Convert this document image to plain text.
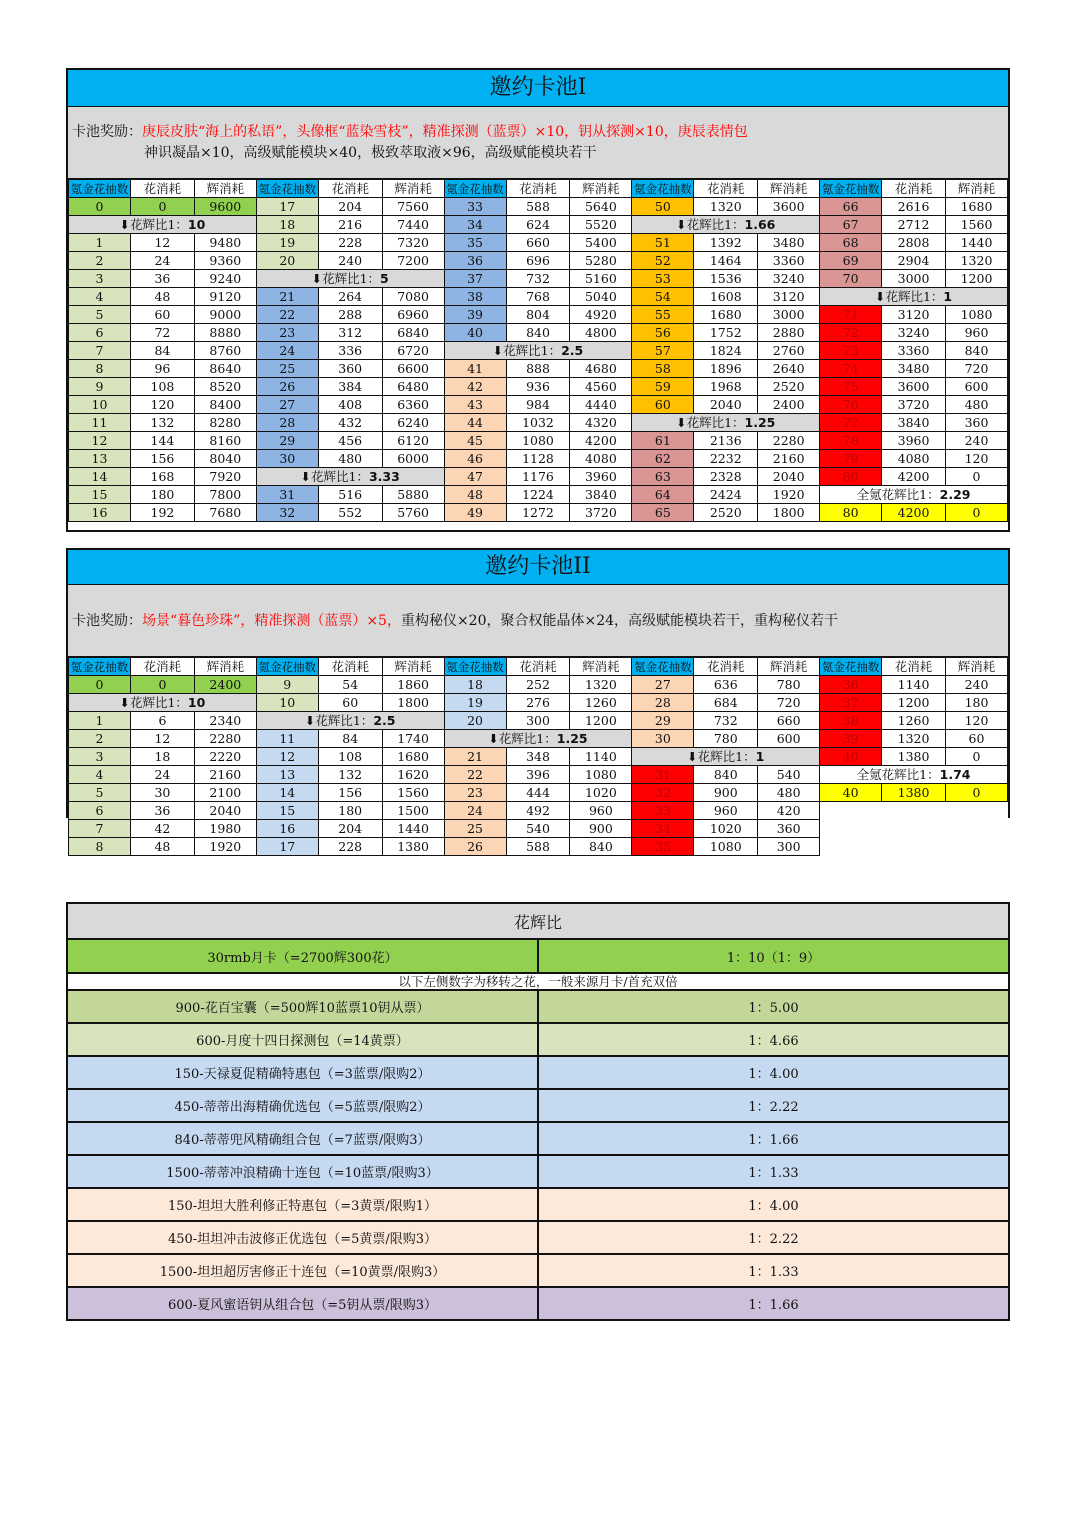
邀约卡池I
卡池奖励：庚辰皮肤“海上的私语”，头像框“蓝染雪枝”，精准探测（蓝票）×10，钥从探测×10，庚辰表情包
神识凝晶×10，高级赋能模块×40，极致萃取液×96，高级赋能模块若干
氪金花抽数	花消耗	辉消耗	氪金花抽数	花消耗	辉消耗	氪金花抽数	花消耗	辉消耗	氪金花抽数	花消耗	辉消耗	氪金花抽数	花消耗	辉消耗
0	0	9600	17	204	7560	33	588	5640	50	1320	3600	66	2616	1680
⬇花辉比1：10			18	216	7440	34	624	5520	⬇花辉比1：1.66			67	2712	1560
1	12	9480	19	228	7320	35	660	5400	51	1392	3480	68	2808	1440
2	24	9360	20	240	7200	36	696	5280	52	1464	3360	69	2904	1320
3	36	9240	⬇花辉比1：5			37	732	5160	53	1536	3240	70	3000	1200
4	48	9120	21	264	7080	38	768	5040	54	1608	3120	⬇花辉比1：1		
5	60	9000	22	288	6960	39	804	4920	55	1680	3000	71	3120	1080
6	72	8880	23	312	6840	40	840	4800	56	1752	2880	72	3240	960
7	84	8760	24	336	6720	⬇花辉比1：2.5			57	1824	2760	73	3360	840
8	96	8640	25	360	6600	41	888	4680	58	1896	2640	74	3480	720
9	108	8520	26	384	6480	42	936	4560	59	1968	2520	75	3600	600
10	120	8400	27	408	6360	43	984	4440	60	2040	2400	76	3720	480
11	132	8280	28	432	6240	44	1032	4320	⬇花辉比1：1.25			77	3840	360
12	144	8160	29	456	6120	45	1080	4200	61	2136	2280	78	3960	240
13	156	8040	30	480	6000	46	1128	4080	62	2232	2160	79	4080	120
14	168	7920	⬇花辉比1：3.33			47	1176	3960	63	2328	2040	80	4200	0
15	180	7800	31	516	5880	48	1224	3840	64	2424	1920	全氪花辉比1：2.29		
16	192	7680	32	552	5760	49	1272	3720	65	2520	1800	80	4200	0
邀约卡池II
卡池奖励：场景“暮色珍珠”，精准探测（蓝票）×5，重构秘仪×20，聚合权能晶体×24，高级赋能模块若干，重构秘仪若干
氪金花抽数	花消耗	辉消耗	氪金花抽数	花消耗	辉消耗	氪金花抽数	花消耗	辉消耗	氪金花抽数	花消耗	辉消耗	氪金花抽数	花消耗	辉消耗
0	0	2400	9	54	1860	18	252	1320	27	636	780	36	1140	240
⬇花辉比1：10			10	60	1800	19	276	1260	28	684	720	37	1200	180
1	6	2340	⬇花辉比1：2.5			20	300	1200	29	732	660	38	1260	120
2	12	2280	11	84	1740	⬇花辉比1：1.25			30	780	600	39	1320	60
3	18	2220	12	108	1680	21	348	1140	⬇花辉比1：1			40	1380	0
4	24	2160	13	132	1620	22	396	1080	31	840	540	全氪花辉比1：1.74		
5	30	2100	14	156	1560	23	444	1020	32	900	480	40	1380	0
6	36	2040	15	180	1500	24	492	960	33	960	420			
7	42	1980	16	204	1440	25	540	900	34	1020	360			
8	48	1920	17	228	1380	26	588	840	35	1080	300			
花辉比	
30rmb月卡（=2700辉300花）	1：10（1：9）
以下左侧数字为移转之花，一般来源月卡/首充双倍	
900-花百宝囊（=500辉10蓝票10钥从票）	1：5.00
600-月度十四日探测包（=14黄票）	1：4.66
150-天禄夏促精确特惠包（=3蓝票/限购2）	1：4.00
450-蒂蒂出海精确优选包（=5蓝票/限购2）	1：2.22
840-蒂蒂兜风精确组合包（=7蓝票/限购3）	1：1.66
1500-蒂蒂冲浪精确十连包（=10蓝票/限购3）	1：1.33
150-坦坦大胜利修正特惠包（=3黄票/限购1）	1：4.00
450-坦坦冲击波修正优选包（=5黄票/限购3）	1：2.22
1500-坦坦超厉害修正十连包（=10黄票/限购3）	1：1.33
600-夏风蜜语钥从组合包（=5钥从票/限购3）	1：1.66
